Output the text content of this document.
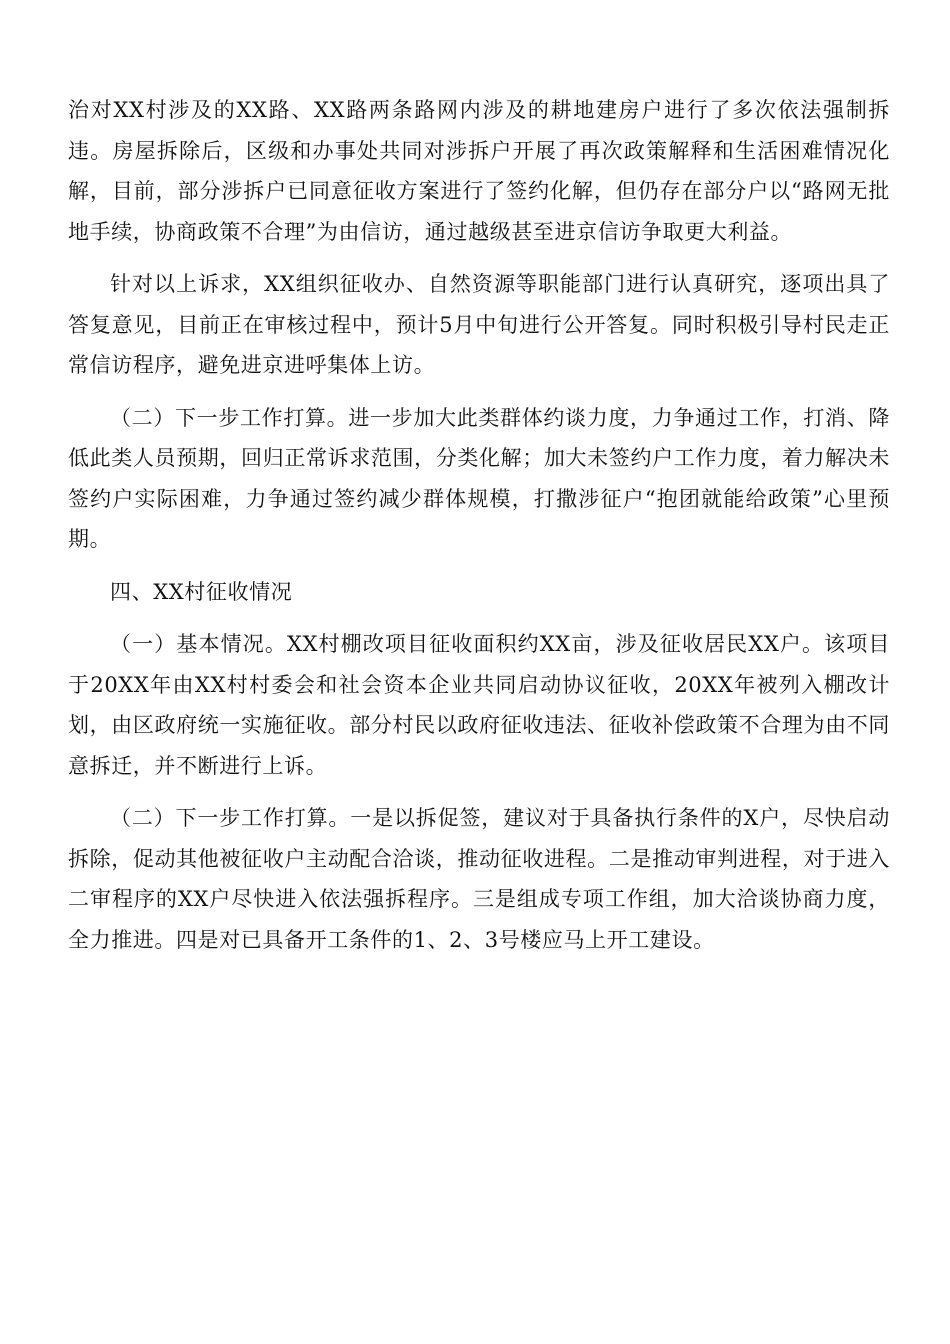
治对XX村涉及的XX路、XX路两条路网内涉及的耕地建房户进行了多次依法强制拆违。房屋拆除后，区级和办事处共同对涉拆户开展了再次政策解释和生活困难情况化解，目前，部分涉拆户已同意征收方案进行了签约化解，但仍存在部分户以“路网无批地手续，协商政策不合理”为由信访，通过越级甚至进京信访争取更大利益。

针对以上诉求，XX组织征收办、自然资源等职能部门进行认真研究，逐项出具了答复意见，目前正在审核过程中，预计5月中旬进行公开答复。同时积极引导村民走正常信访程序，避免进京进呼集体上访。

（二）下一步工作打算。进一步加大此类群体约谈力度，力争通过工作，打消、降低此类人员预期，回归正常诉求范围，分类化解；加大未签约户工作力度，着力解决未签约户实际困难，力争通过签约减少群体规模，打撒涉征户“抱团就能给政策”心里预期。

四、XX村征收情况

（一）基本情况。XX村棚改项目征收面积约XX亩，涉及征收居民XX户。该项目于20XX年由XX村村委会和社会资本企业共同启动协议征收，20XX年被列入棚改计划，由区政府统一实施征收。部分村民以政府征收违法、征收补偿政策不合理为由不同意拆迁，并不断进行上诉。

（二）下一步工作打算。一是以拆促签，建议对于具备执行条件的X户，尽快启动拆除，促动其他被征收户主动配合洽谈，推动征收进程。二是推动审判进程，对于进入二审程序的XX户尽快进入依法强拆程序。三是组成专项工作组，加大洽谈协商力度，全力推进。四是对已具备开工条件的1、2、3号楼应马上开工建设。
